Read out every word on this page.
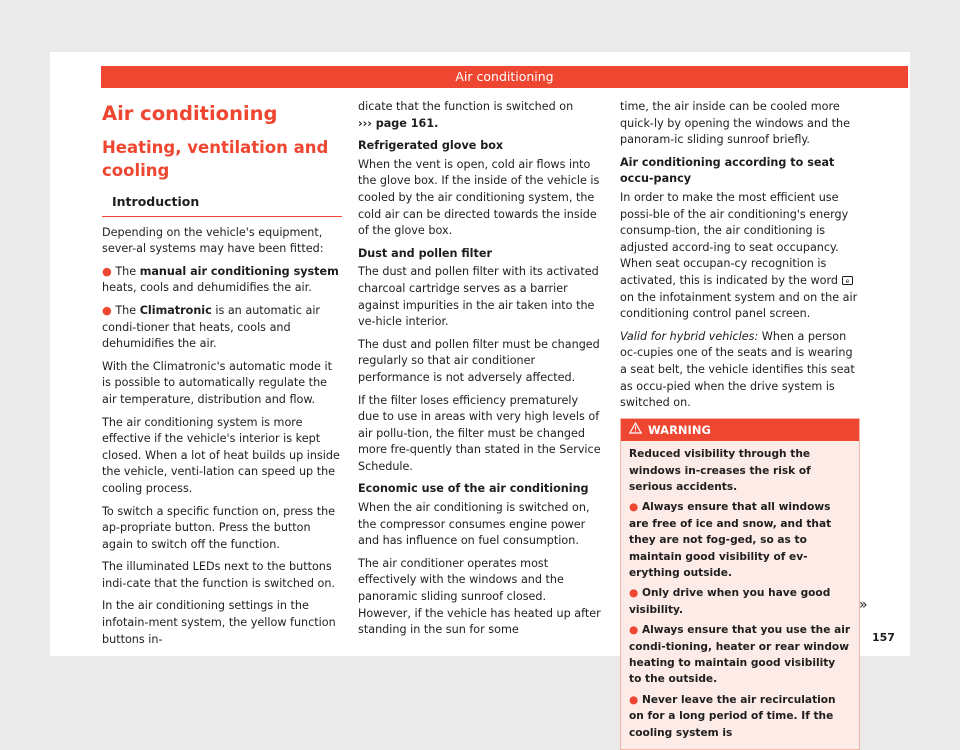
Air conditioning
Air conditioning
Heating, ventilation and cooling
Introduction

Depending on the vehicle's equipment, sever-al systems may have been fitted:

● The manual air conditioning system heats, cools and dehumidifies the air.

● The Climatronic is an automatic air condi-tioner that heats, cools and dehumidifies the air.

With the Climatronic's automatic mode it is possible to automatically regulate the air temperature, distribution and flow.

The air conditioning system is more effective if the vehicle's interior is kept closed. When a lot of heat builds up inside the vehicle, venti-lation can speed up the cooling process.

To switch a specific function on, press the ap-propriate button. Press the button again to switch off the function.

The illuminated LEDs next to the buttons indi-cate that the function is switched on.

In the air conditioning settings in the infotain-ment system, the yellow function buttons in-

dicate that the function is switched on
››› page 161.

Refrigerated glove box

When the vent is open, cold air flows into the glove box. If the inside of the vehicle is cooled by the air conditioning system, the cold air can be directed towards the inside of the glove box.

Dust and pollen filter

The dust and pollen filter with its activated charcoal cartridge serves as a barrier against impurities in the air taken into the ve-hicle interior.

The dust and pollen filter must be changed regularly so that air conditioner performance is not adversely affected.

If the filter loses efficiency prematurely due to use in areas with very high levels of air pollu-tion, the filter must be changed more fre-quently than stated in the Service Schedule.

Economic use of the air conditioning

When the air conditioning is switched on, the compressor consumes engine power and has influence on fuel consumption.

The air conditioner operates most effectively with the windows and the panoramic sliding sunroof closed. However, if the vehicle has heated up after standing in the sun for some

time, the air inside can be cooled more quick-ly by opening the windows and the panoram-ic sliding sunroof briefly.

Air conditioning according to seat occu-pancy

In order to make the most efficient use possi-ble of the air conditioning's energy consump-tion, the air conditioning is adjusted accord-ing to seat occupancy. When seat occupan-cy recognition is activated, this is indicated by the word e
on the infotainment system and on the air conditioning control panel screen.

Valid for hybrid vehicles: When a person oc-cupies one of the seats and is wearing a seat belt, the vehicle identifies this seat as occu-pied when the drive system is switched on.

WARNING

Reduced visibility through the windows in-creases the risk of serious accidents.

● Always ensure that all windows are free of ice and snow, and that they are not fog-ged, so as to maintain good visibility of ev-erything outside.

● Only drive when you have good visibility.

● Always ensure that you use the air condi-tioning, heater or rear window heating to maintain good visibility to the outside.

● Never leave the air recirculation on for a long period of time. If the cooling system is

»
157
